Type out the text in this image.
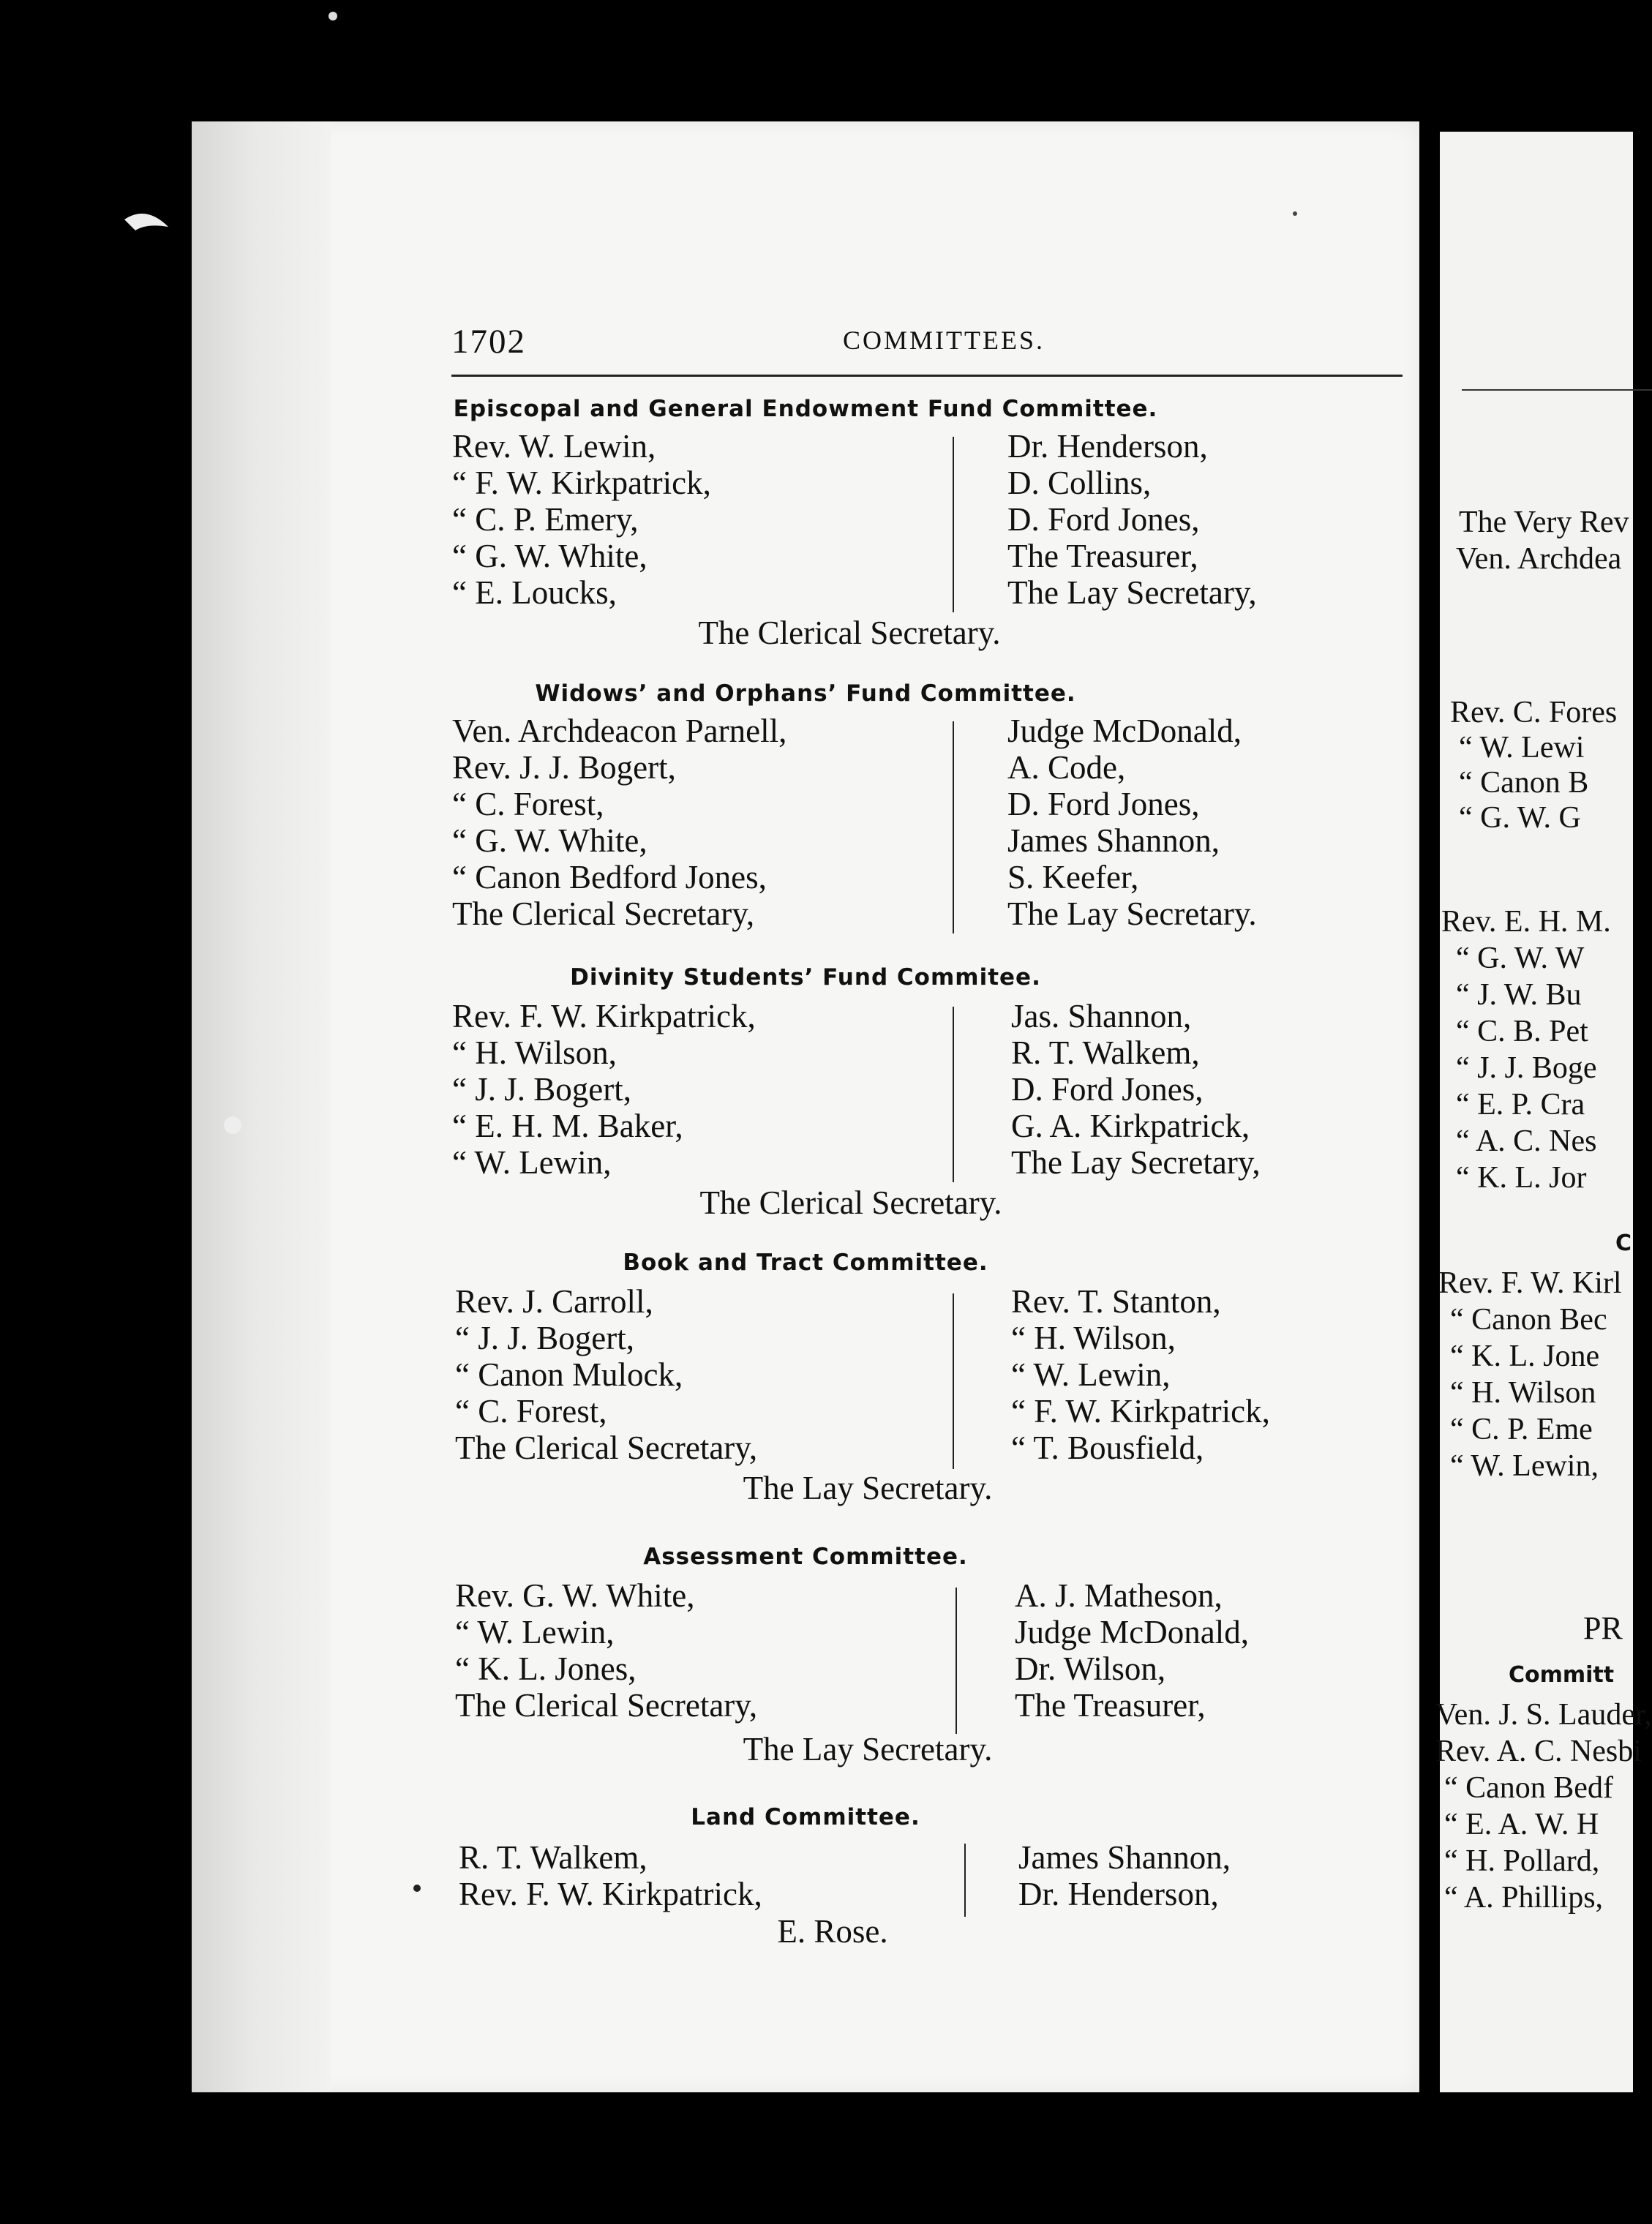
1702	COMMITTEES.
Episcopal and General Endowment Fund Committee.
Rev. W. Lewin,
“ F. W. Kirkpatrick,
“ C. P. Emery,
“ G. W. White,
“ E. Loucks,
Dr. Henderson,
D. Collins,
D. Ford Jones,
The Treasurer,
The Lay Secretary,
The Clerical Secretary.
Widows’ and Orphans’ Fund Committee.
Ven. Archdeacon Parnell,
Rev. J. J. Bogert,
“ C. Forest,
“ G. W. White,
“ Canon Bedford Jones,
The Clerical Secretary,
Judge McDonald,
A. Code,
D. Ford Jones,
James Shannon,
S. Keefer,
The Lay Secretary.
Divinity Students’ Fund Commitee.
Rev. F. W. Kirkpatrick,
“ H. Wilson,
“ J. J. Bogert,
“ E. H. M. Baker,
“ W. Lewin,
Jas. Shannon,
R. T. Walkem,
D. Ford Jones,
G. A. Kirkpatrick,
The Lay Secretary,
The Clerical Secretary.
Book and Tract Committee.
Rev. J. Carroll,
“ J. J. Bogert,
“ Canon Mulock,
“ C. Forest,
The Clerical Secretary,
Rev. T. Stanton,
“ H. Wilson,
“ W. Lewin,
“ F. W. Kirkpatrick,
“ T. Bousfield,
The Lay Secretary.
Assessment Committee.
Rev. G. W. White,
“ W. Lewin,
“ K. L. Jones,
The Clerical Secretary,
A. J. Matheson,
Judge McDonald,
Dr. Wilson,
The Treasurer,
The Lay Secretary.
Land Committee.
R. T. Walkem,
Rev. F. W. Kirkpatrick,
James Shannon,
Dr. Henderson,
E. Rose.
The Very Rev
Ven. Archdea
Rev. C. Fores
“ W. Lewi
“ Canon B
“ G. W. G
Rev. E. H. M.
“ G. W. W
“ J. W. Bu
“ C. B. Pet
“ J. J. Boge
“ E. P. Cra
“ A. C. Nes
“ K. L. Jor
C
Rev. F. W. Kirl
“ Canon Bec
“ K. L. Jone
“ H. Wilson
“ C. P. Eme
“ W. Lewin,
PR
Committ
Ven. J. S. Lauder,
Rev. A. C. Nesbi
“ Canon Bedf
“ E. A. W. H
“ H. Pollard,
“ A. Phillips,
